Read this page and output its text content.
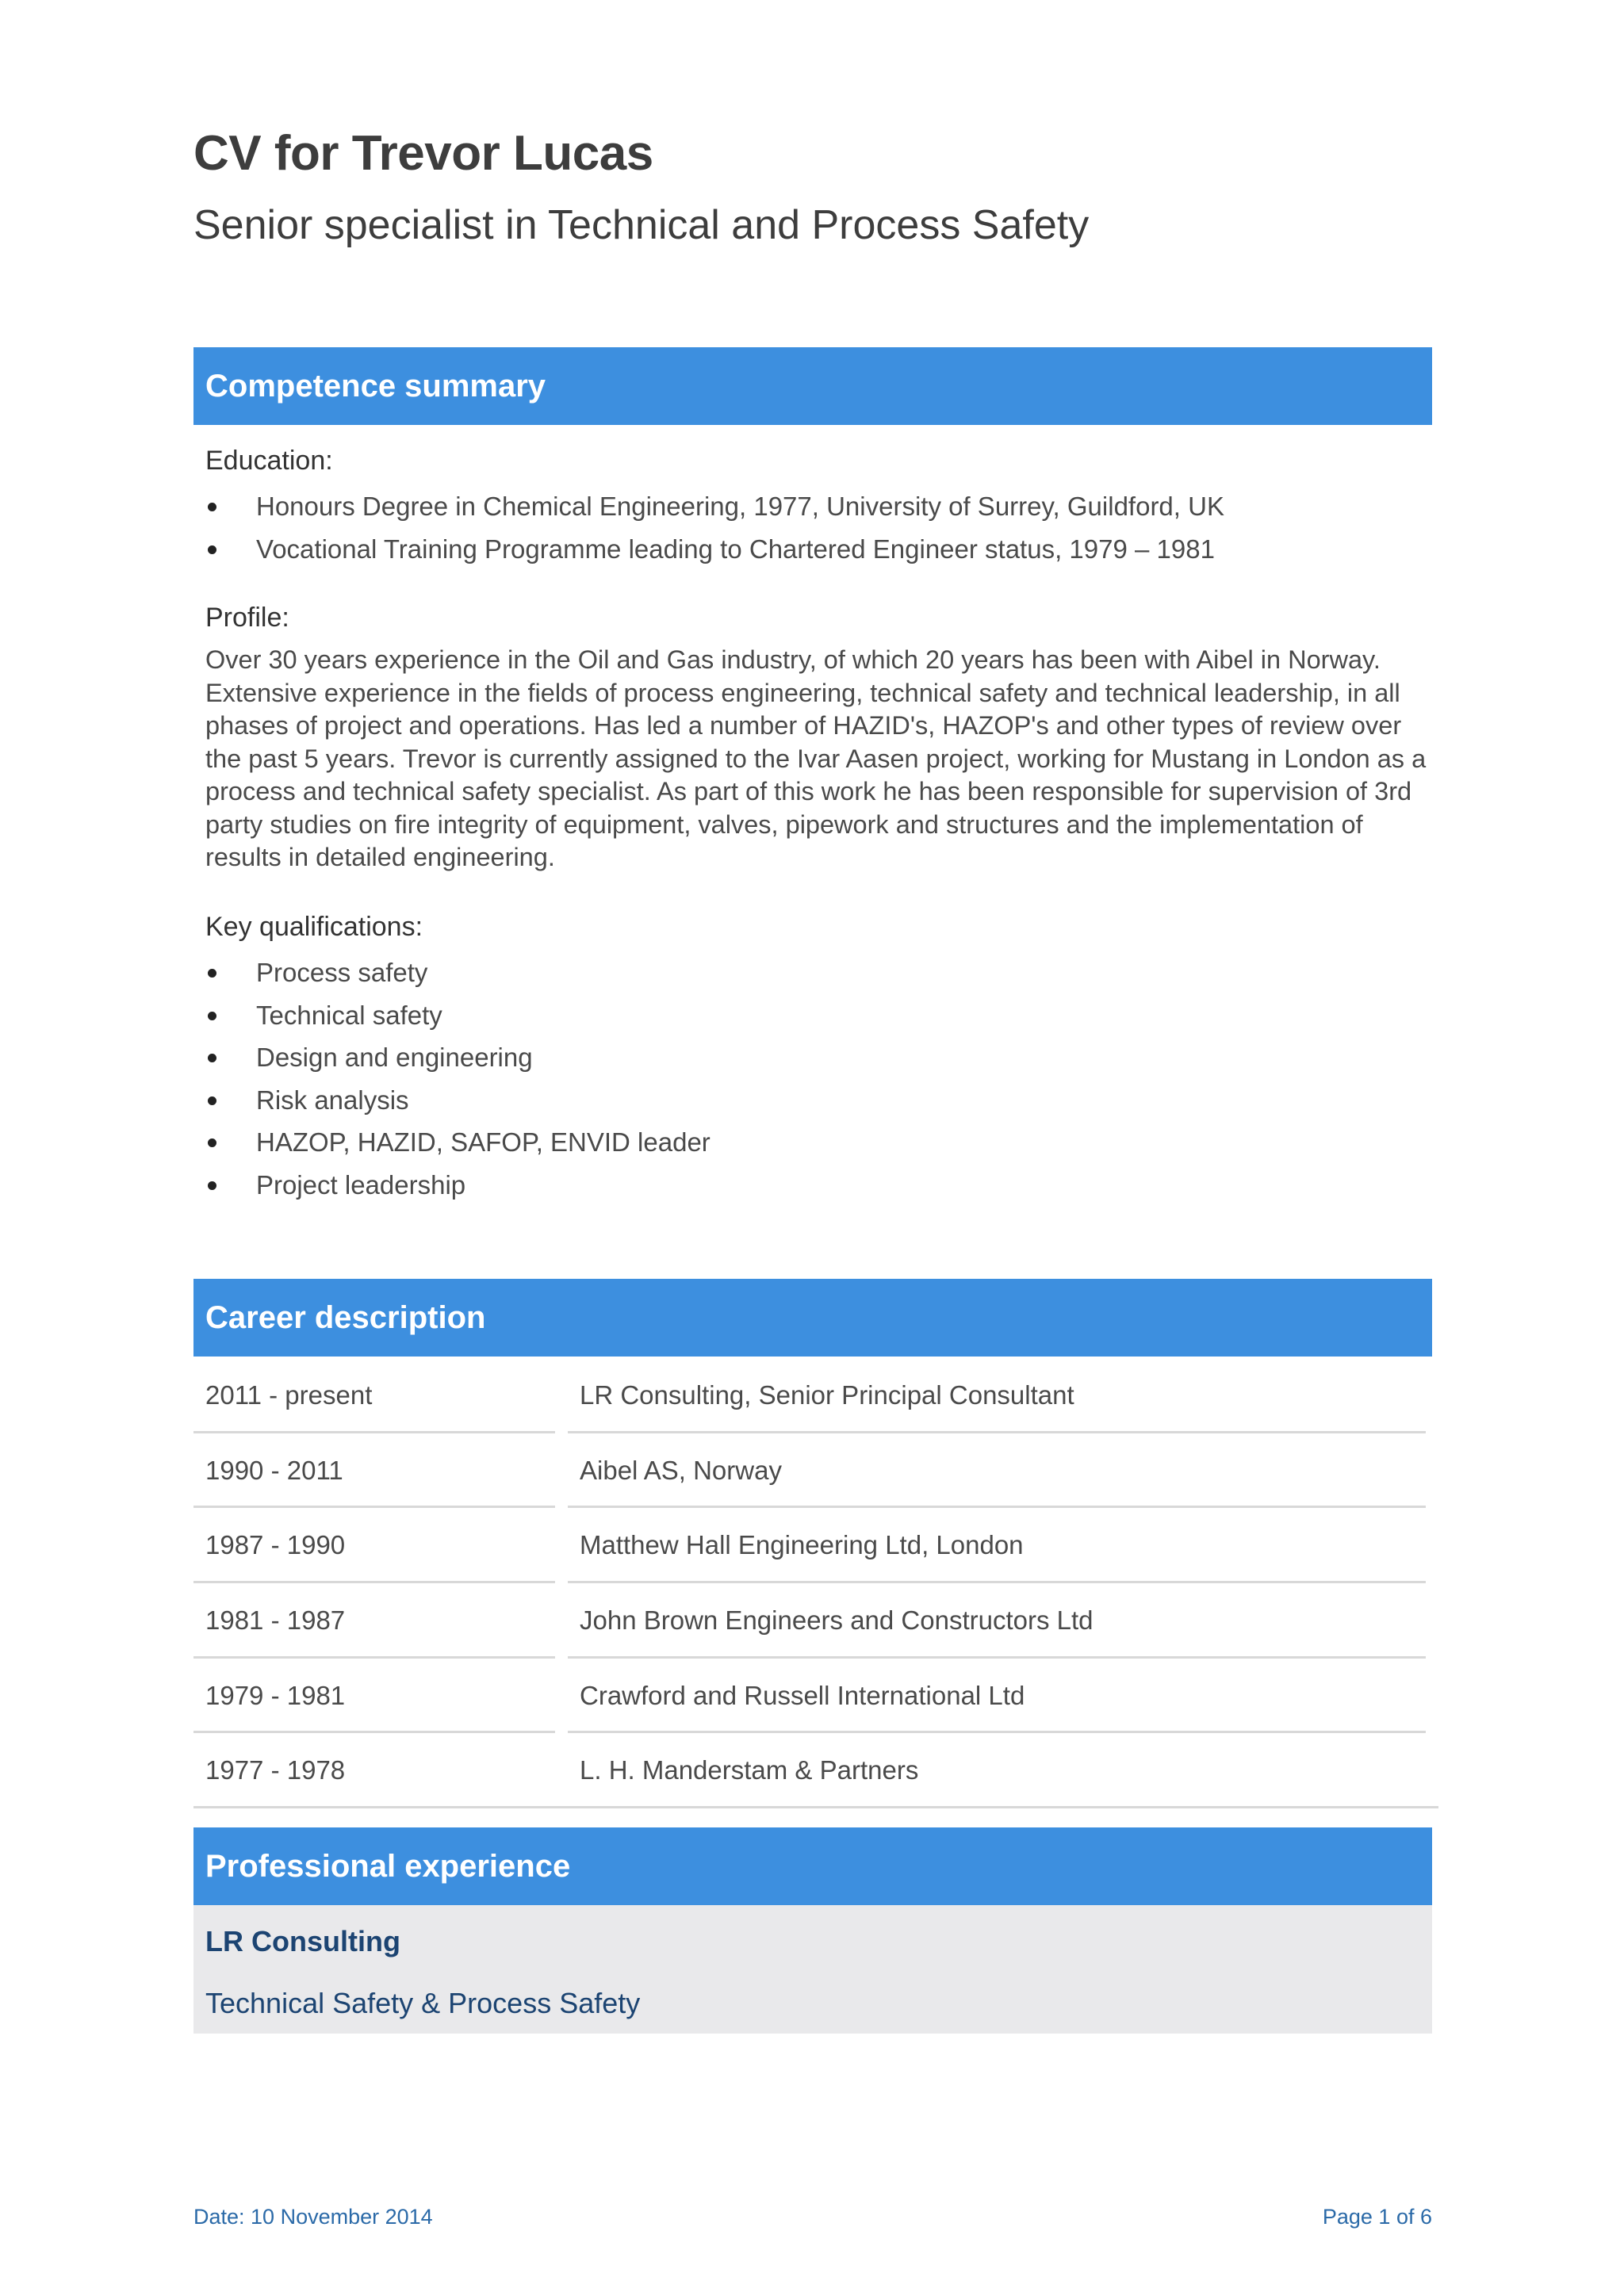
CV for Trevor Lucas
Senior specialist in Technical and Process Safety
Competence summary
Education:
Honours Degree in Chemical Engineering, 1977, University of Surrey, Guildford, UK
Vocational Training Programme leading to Chartered Engineer status, 1979 – 1981
Profile:
Over 30 years experience in the Oil and Gas industry, of which 20 years has been with Aibel in Norway. Extensive experience in the fields of process engineering, technical safety and technical leadership, in all phases of project and operations. Has led a number of HAZID's, HAZOP's and other types of review over the past 5 years. Trevor is currently assigned to the Ivar Aasen project, working for Mustang in London as a process and technical safety specialist. As part of this work he has been responsible for supervision of 3rd party studies on fire integrity of equipment, valves, pipework and structures and the implementation of results in detailed engineering.
Key qualifications:
Process safety
Technical safety
Design and engineering
Risk analysis
HAZOP, HAZID, SAFOP, ENVID leader
Project leadership
Career description
2011 - present	LR Consulting, Senior Principal Consultant
1990 - 2011	Aibel AS, Norway
1987 - 1990	Matthew Hall Engineering Ltd, London
1981 - 1987	John Brown Engineers and Constructors Ltd
1979 - 1981	Crawford and Russell International Ltd
1977 - 1978	L. H. Manderstam & Partners
Professional experience
LR Consulting
Technical Safety & Process Safety
Date: 10 November 2014	Page 1 of 6
